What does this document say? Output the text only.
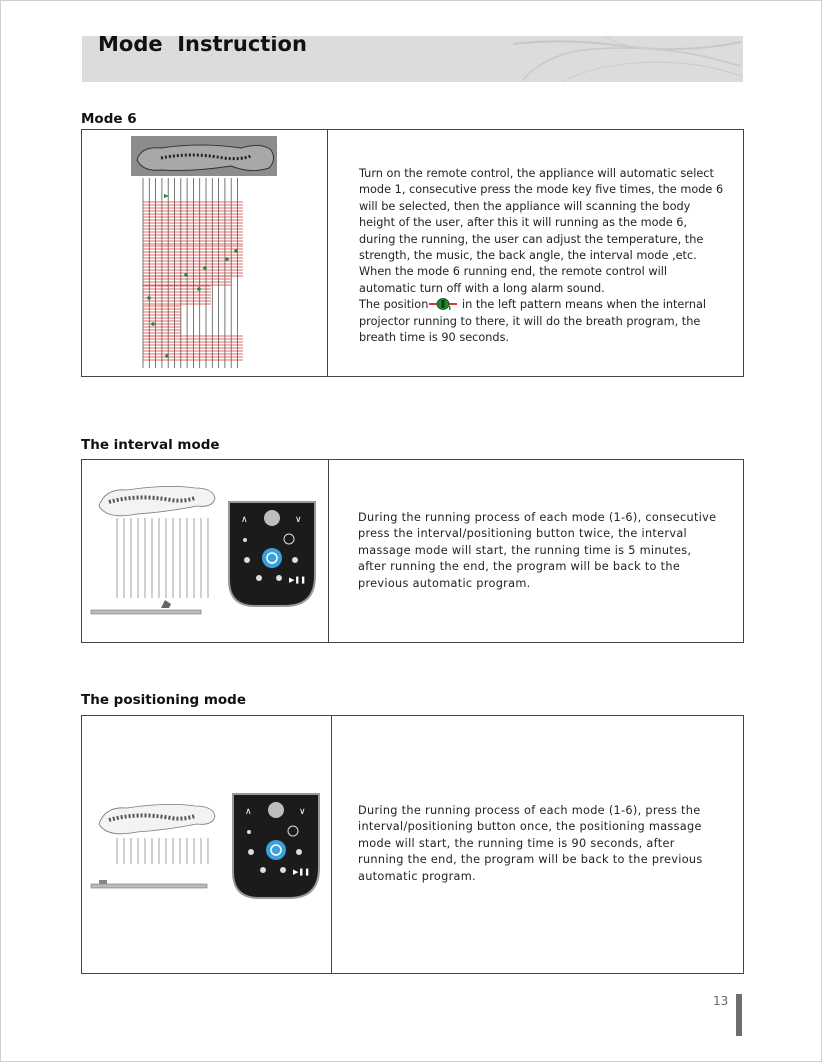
Mode  Instruction
Mode 6

Turn on the remote control, the appliance will automatic select mode 1, consecutive press the mode key five times, the mode 6 will be selected, then the appliance will scanning the body height of the user, after this it will running as the mode 6, during the running, the user can adjust the temperature, the strength, the music, the back angle, the interval mode ,etc.

When the mode 6 running end, the remote control will automatic turn off with a long alarm sound.

The position	in the left pattern means when the internal projector running to there, it will do the breath program, the breath time is 90 seconds.

The interval mode
∧	∨
▶❚❚
During the running process of each mode (1-6), consecutive press the interval/positioning button twice, the interval massage mode will start, the running time is 5 minutes, after running the end, the program will be back to the previous automatic program.
The positioning mode
∧	∨
▶❚❚
During the running process of each mode (1-6), press the interval/positioning button once, the positioning massage mode will start, the running time is 90 seconds, after running the end, the program will be back to the previous automatic program.
13
